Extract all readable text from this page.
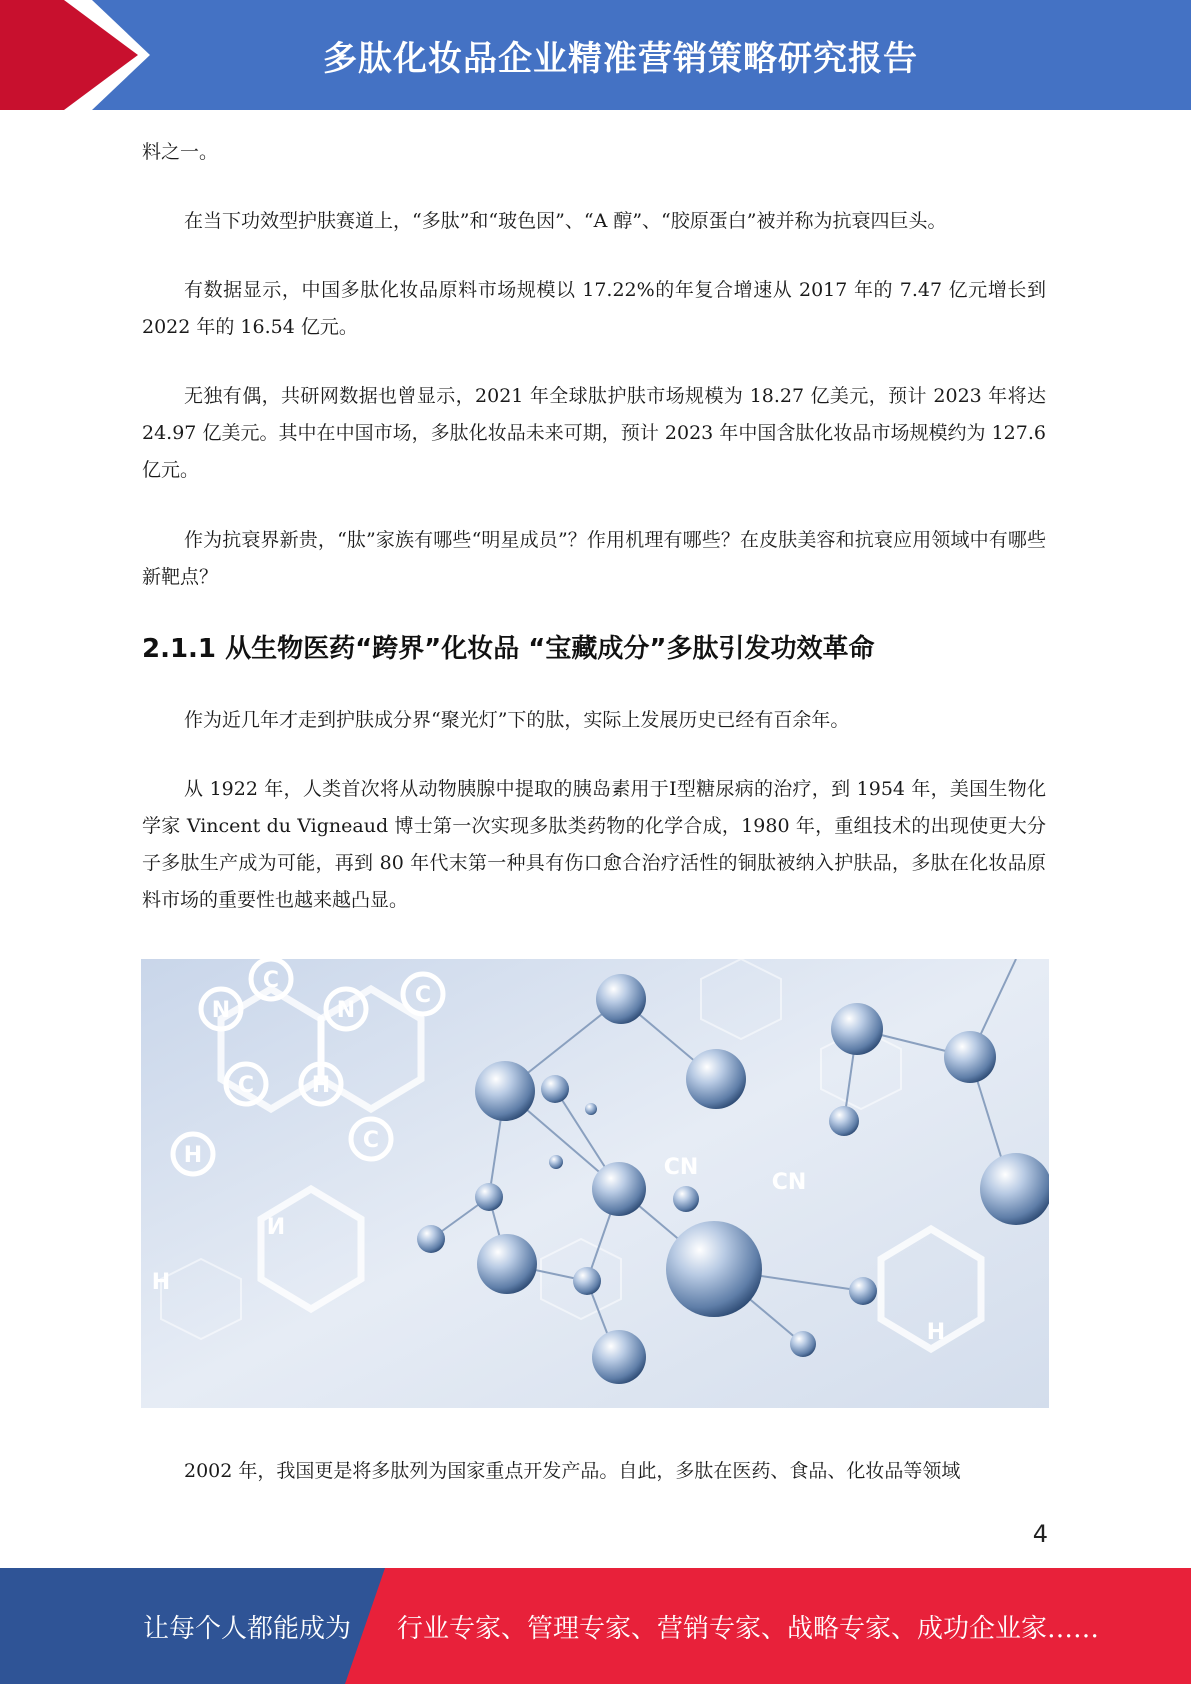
多肽化妆品企业精准营销策略研究报告

料之一。

在当下功效型护肤赛道上，“多肽”和“玻色因”、“A 醇”、“胶原蛋白”被并称为抗衰四巨头。

有数据显示，中国多肽化妆品原料市场规模以 17.22%的年复合增速从 2017 年的 7.47 亿元增长到 2022 年的 16.54 亿元。

无独有偶，共研网数据也曾显示，2021 年全球肽护肤市场规模为 18.27 亿美元，预计 2023 年将达 24.97 亿美元。其中在中国市场，多肽化妆品未来可期，预计 2023 年中国含肽化妆品市场规模约为 127.6 亿元。

作为抗衰界新贵，“肽”家族有哪些“明星成员”？作用机理有哪些？在皮肤美容和抗衰应用领域中有哪些新靶点？

2.1.1 从生物医药“跨界”化妆品 “宝藏成分”多肽引发功效革命

作为近几年才走到护肤成分界“聚光灯”下的肽，实际上发展历史已经有百余年。

从 1922 年，人类首次将从动物胰腺中提取的胰岛素用于Ⅰ型糖尿病的治疗，到 1954 年，美国生物化学家 Vincent du Vigneaud 博士第一次实现多肽类药物的化学合成，1980 年，重组技术的出现使更大分子多肽生产成为可能，再到 80 年代末第一种具有伤口愈合治疗活性的铜肽被纳入护肤品，多肽在化妆品原料市场的重要性也越来越凸显。

N
C
N
C
C	H
C
H	CN
CN
И
H
H

2002 年，我国更是将多肽列为国家重点开发产品。自此，多肽在医药、食品、化妆品等领域

4
让每个人都能成为 行业专家、管理专家、营销专家、战略专家、成功企业家……
